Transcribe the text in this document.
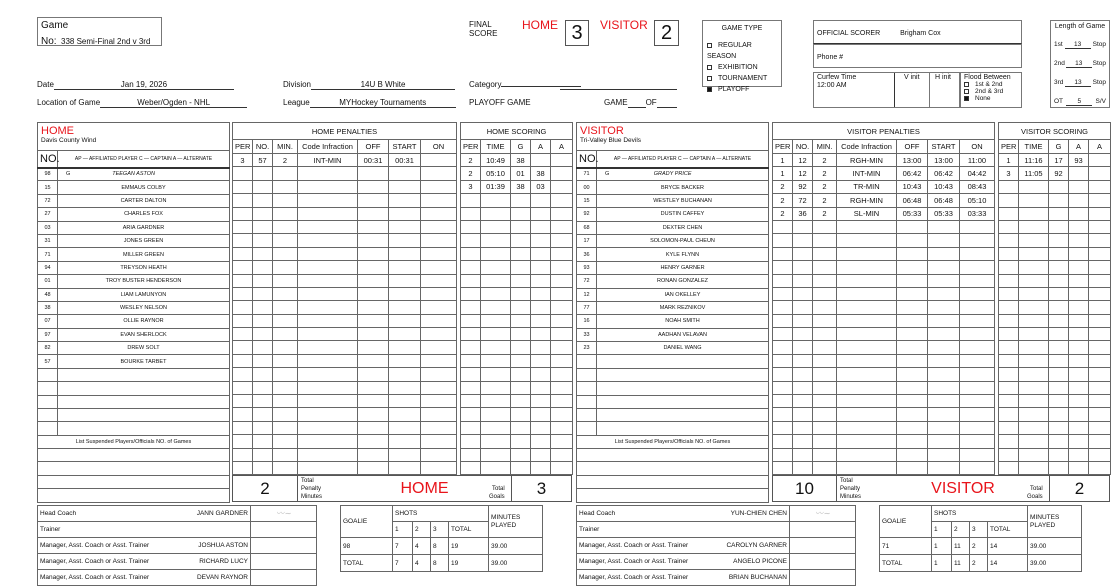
Game
No: 338 Semi-Final 2nd v 3rd
FINAL
SCORE
HOME 3	VISITOR 2
Date	Jan 19, 2026	Division	14U B White	Category
Location of Game	Weber/Ogden - NHL	League	MYHockey Tournaments	PLAYOFF GAME	GAME OF
GAME TYPE
REGULAR SEASON
EXHIBITION
TOURNAMENT
PLAYOFF
OFFICIAL SCORER	Brigham Cox
Phone #
Curfew Time
12:00 AM
V init H init Flood Between
1st & 2nd
2nd & 3rd
None
Length of Game
1st	13	Stop
2nd	13	Stop
3rd	13	Stop
OT	5	S/V
HOME
Davis County Wind	

NO.	AP — AFFILIATED PLAYER C — CAPTAIN A — ALTERNATE
98	G TEEGAN ASTON
15	EMMAUS COLBY
72	CARTER DALTON
27	CHARLES FOX
03	ARIA GARDNER
31	JONES GREEN
71	MILLER GREEN
94	TREYSON HEATH
01	TROY BUSTER HENDERSON
48	LIAM LAMUNYON
38	WESLEY NELSON
07	OLLIE RAYNOR
97	EVAN SHERLOCK
82	DREW SOLT
57	BOURKE TARBET

List Suspended Players/Officials NO. of Games	

HOME PENALTIES						
PER	NO.	MIN.	Code Infraction	OFF	START	ON
3	57	2	INT-MIN	00:31	00:31	

HOME SCORING				
PER	TIME	G	A	A
2	10:49	38		
2	05:10	01	38	
3	01:39	38	03	

2	Total
Penalty
Minutes	HOME	Total
Goals	3
Head Coach JANN GARDNER	〰∼
Trainer

Manager, Asst. Coach or Asst. Trainer JOSHUA ASTON	

Manager, Asst. Coach or Asst. Trainer RICHARD LUCY	

Manager, Asst. Coach or Asst. Trainer DEVAN RAYNOR	

GOALIE	SHOTS				MINUTES PLAYED
	1	2	3	TOTAL	
98	7	4	8	19	39.00
TOTAL	7	4	8	19	39.00
VISITOR
Tri-Valley Blue Devils	

NO.	AP — AFFILIATED PLAYER C — CAPTAIN A — ALTERNATE
71	G GRADY PRICE
00	BRYCE BACKER
15	WESTLEY BUCHANAN
92	DUSTIN CAFFEY
68	DEXTER CHEN
17	SOLOMON-PAUL CHEUN
36	KYLE FLYNN
93	HENRY GARNER
72	RONAN GONZALEZ
12	IAN OKELLEY
77	MARK REZNIKOV
16	NOAH SMITH
33	AADHAN VELAVAN
23	DANIEL WANG

List Suspended Players/Officials NO. of Games	

VISITOR PENALTIES						
PER	NO.	MIN.	Code Infraction	OFF	START	ON
1	12	2	RGH-MIN	13:00	13:00	11:00
1	12	2	INT-MIN	06:42	06:42	04:42
2	92	2	TR-MIN	10:43	10:43	08:43
2	72	2	RGH-MIN	06:48	06:48	05:10
2	36	2	SL-MIN	05:33	05:33	03:33

VISITOR SCORING				
PER	TIME	G	A	A
1	11:16	17	93	
3	11:05	92		

10	Total
Penalty
Minutes	VISITOR	Total
Goals	2
Head Coach YUN-CHIEN CHEN	〰∼
Trainer

Manager, Asst. Coach or Asst. Trainer CAROLYN GARNER	

Manager, Asst. Coach or Asst. Trainer ANGELO PICONE	

Manager, Asst. Coach or Asst. Trainer BRIAN BUCHANAN	

GOALIE	SHOTS				MINUTES PLAYED
	1	2	3	TOTAL	
71	1	11	2	14	39.00
TOTAL	1	11	2	14	39.00
